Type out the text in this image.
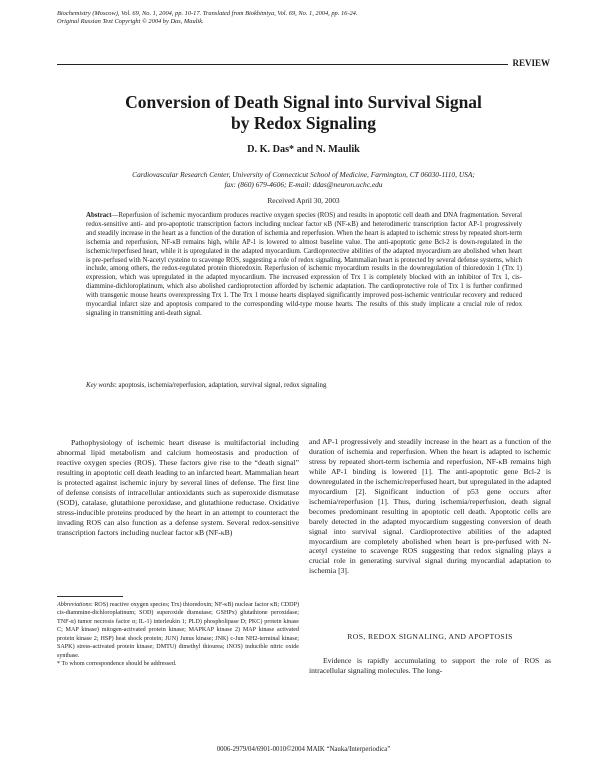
Biochemistry (Moscow), Vol. 69, No. 1, 2004, pp. 10-17. Translated from Biokhimiya, Vol. 69, No. 1, 2004, pp. 16-24.
Original Russian Text Copyright © 2004 by Das, Maulik.
REVIEW
Conversion of Death Signal into Survival Signal
by Redox Signaling
D. K. Das* and N. Maulik
Cardiovascular Research Center, University of Connecticut School of Medicine, Farmington, CT 06030-1110, USA;
fax: (860) 679-4606; E-mail: ddas@neuron.uchc.edu
Received April 30, 2003
Abstract—Reperfusion of ischemic myocardium produces reactive oxygen species (ROS) and results in apoptotic cell death and DNA fragmentation. Several redox-sensitive anti- and pro-apoptotic transcription factors including nuclear factor κB (NF-κB) and heterodimeric transcription factor AP-1 progressively and steadily increase in the heart as a function of the duration of ischemia and reperfusion. When the heart is adapted to ischemic stress by repeated short-term ischemia and reperfusion, NF-κB remains high, while AP-1 is lowered to almost baseline value. The anti-apoptotic gene Bcl-2 is down-regulated in the ischemic/reperfused heart, while it is upregulated in the adapted myocardium. Cardioprotective abilities of the adapted myocardium are abolished when heart is pre-perfused with N-acetyl cysteine to scavenge ROS, suggesting a role of redox signaling. Mammalian heart is protected by several defense systems, which include, among others, the redox-regulated protein thioredoxin. Reperfusion of ischemic myocardium results in the downregulation of thioredoxin 1 (Trx 1) expression, which was upregulated in the adapted myocardium. The increased expression of Trx 1 is completely blocked with an inhibitor of Trx 1, cis-diammine-dichloroplatinum, which also abolished cardioprotection afforded by ischemic adaptation. The cardioprotective role of Trx 1 is further confirmed with transgenic mouse hearts overexpressing Trx 1. The Trx 1 mouse hearts displayed significantly improved post-ischemic ventricular recovery and reduced myocardial infarct size and apoptosis compared to the corresponding wild-type mouse hearts. The results of this study implicate a crucial role of redox signaling in transmitting anti-death signal.
Key words: apoptosis, ischemia/reperfusion, adaptation, survival signal, redox signaling

Pathophysiology of ischemic heart disease is multifactorial including abnormal lipid metabolism and calcium homeostasis and production of reactive oxygen species (ROS). These factors give rise to the “death signal” resulting in apoptotic cell death leading to an infarcted heart. Mammalian heart is protected against ischemic injury by several lines of defense. The first line of defense consists of intracellular antioxidants such as superoxide dismutase (SOD), catalase, glutathione peroxidase, and glutathione reductase. Oxidative stress-inducible proteins produced by the heart in an attempt to counteract the invading ROS can also function as a defense system. Several redox-sensitive transcription factors including nuclear factor κB (NF-κB)

and AP-1 progressively and steadily increase in the heart as a function of the duration of ischemia and reperfusion. When the heart is adapted to ischemic stress by repeated short-term ischemia and reperfusion, NF-κB remains high while AP-1 binding is lowered [1]. The anti-apoptotic gene Bcl-2 is downregulated in the ischemic/reperfused heart, but upregulated in the adapted myocardium [2]. Significant induction of p53 gene occurs after ischemia/reperfusion [1]. Thus, during ischemia/reperfusion, death signal becomes predominant resulting in apoptotic cell death. Apoptotic cells are barely detected in the adapted myocardium suggesting conversion of death signal into survival signal. Cardioprotective abilities of the adapted myocardium are completely abolished when heart is pre-perfused with N-acetyl cysteine to scavenge ROS suggesting that redox signaling plays a crucial role in generating survival signal during myocardial adaptation to ischemia [3].

Abbreviations: ROS) reactive oxygen species; Trx) thioredoxin; NF-κB) nuclear factor κB; CDDP) cis-diammine-dichloroplatinum; SOD) superoxide dismutase; GSHPx) glutathione peroxidase; TNF-α) tumor necrosis factor α; IL-1) interleukin 1; PLD) phospholipase D; PKC) protein kinase C; MAP kinase) mitogen-activated protein kinase; MAPKAP kinase 2) MAP kinase activated protein kinase 2; HSP) heat shock protein; JUN) Junus kinase; JNK) c-Jun NH2-terminal kinase; SAPK) stress-activated protein kinase; DMTU) dimethyl thiourea; iNOS) inducible nitric oxide synthase.
* To whom correspondence should be addressed.
ROS, REDOX SIGNALING, AND APOPTOSIS

Evidence is rapidly accumulating to support the role of ROS as intracellular signaling molecules. The long-

0006-2979/04/6901-0010©2004 MAIK “Nauka/Interperiodica”
